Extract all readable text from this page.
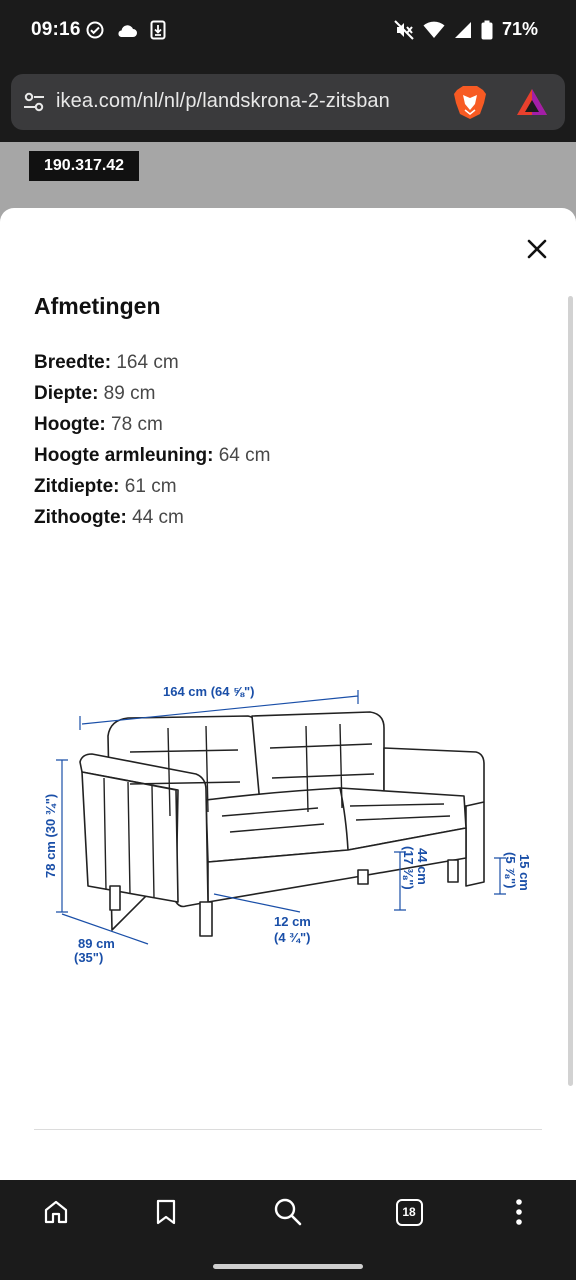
09:16	71%
ikea.com/nl/nl/p/landskrona-2-zitsban
190.317.42
Afmetingen
Breedte: 164 cm
Diepte: 89 cm
Hoogte: 78 cm
Hoogte armleuning: 64 cm
Zitdiepte: 61 cm
Zithoogte: 44 cm
164 cm (64 ⅝")
78 cm (30 ¾")
89 cm
(35")
12 cm
(4 ¾")
44 cm
(17 ⅜")	15 cm
(5 ⅞")
18
